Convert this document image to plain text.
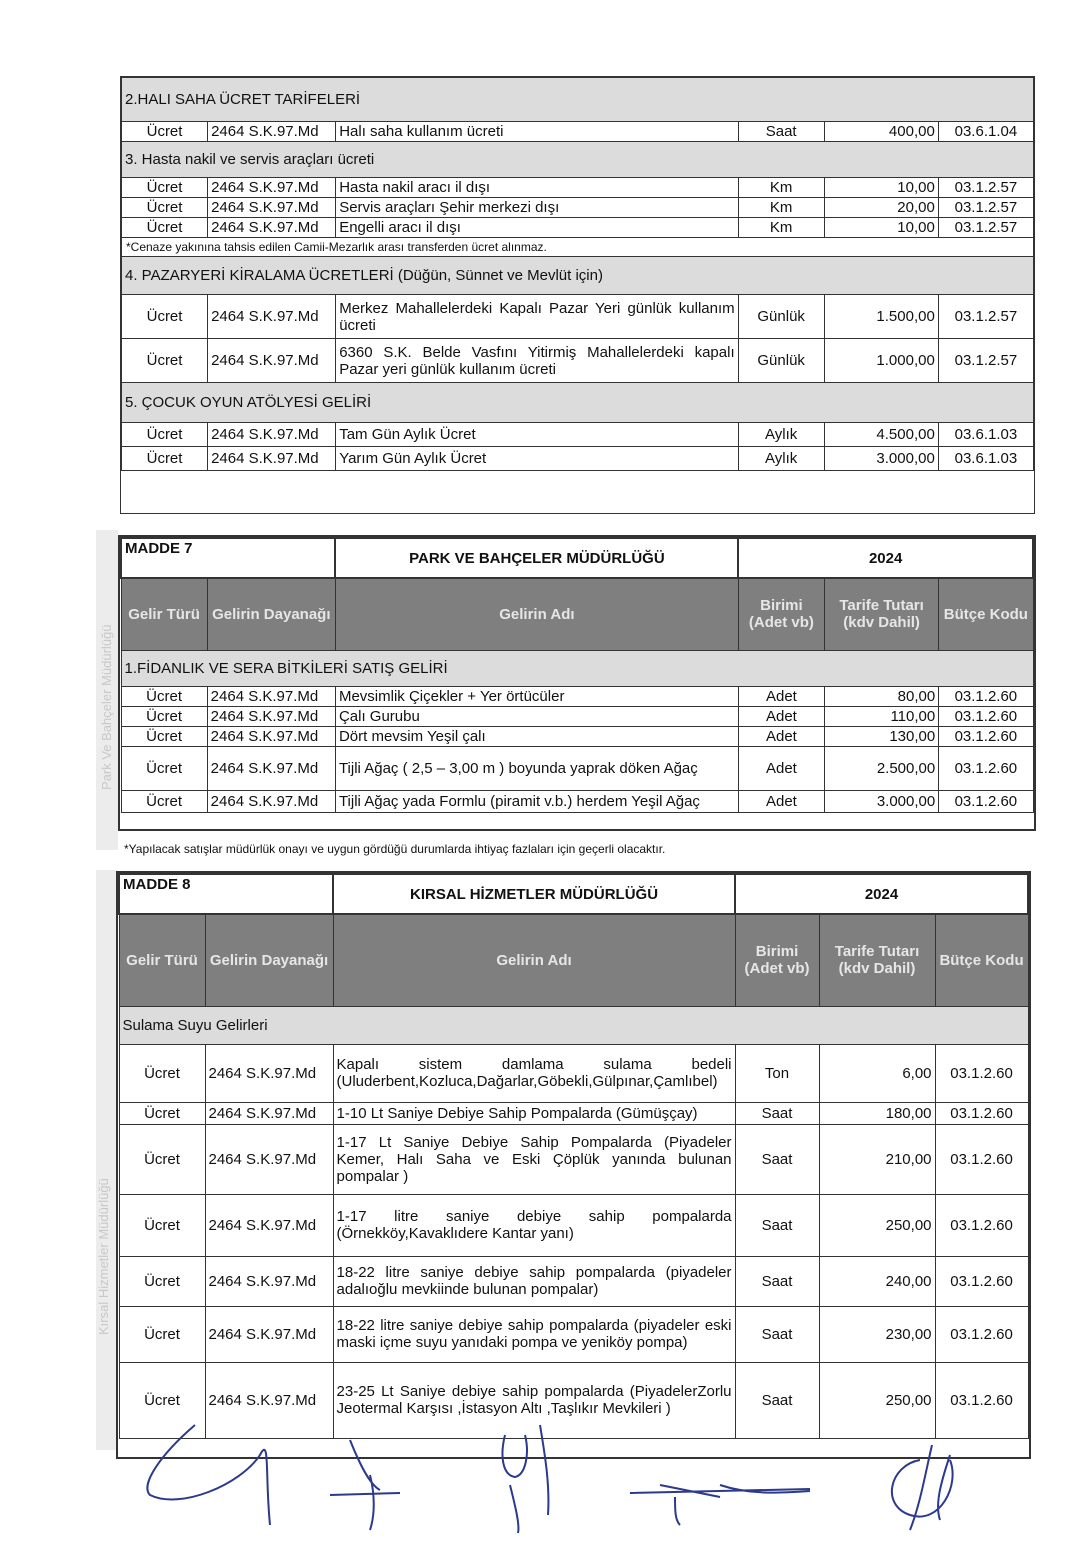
Park Ve Bahçeler Müdürlüğü
Kırsal Hizmetler Müdürlüğü
2.HALI SAHA ÜCRET TARİFELERİ					
Ücret	2464 S.K.97.Md	Halı saha kullanım ücreti	Saat	400,00	03.6.1.04
3. Hasta nakil ve servis araçları ücreti					
Ücret	2464 S.K.97.Md	Hasta nakil aracı il dışı	Km	10,00	03.1.2.57
Ücret	2464 S.K.97.Md	Servis araçları Şehir merkezi dışı	Km	20,00	03.1.2.57
Ücret	2464 S.K.97.Md	Engelli aracı il dışı	Km	10,00	03.1.2.57
*Cenaze yakınına tahsis edilen Camii-Mezarlık arası transferden ücret alınmaz.					
4. PAZARYERİ KİRALAMA ÜCRETLERİ (Düğün, Sünnet ve Mevlüt için)					
Ücret	2464 S.K.97.Md	Merkez Mahallelerdeki Kapalı Pazar Yeri günlük kullanım ücreti	Günlük	1.500,00	03.1.2.57
Ücret	2464 S.K.97.Md	6360 S.K. Belde Vasfını Yitirmiş Mahallelerdeki kapalı Pazar yeri günlük kullanım ücreti	Günlük	1.000,00	03.1.2.57
5. ÇOCUK OYUN ATÖLYESİ GELİRİ					
Ücret	2464 S.K.97.Md	Tam Gün Aylık Ücret	Aylık	4.500,00	03.6.1.03
Ücret	2464 S.K.97.Md	Yarım Gün Aylık Ücret	Aylık	3.000,00	03.6.1.03
MADDE 7		PARK VE BAHÇELER MÜDÜRLÜĞÜ	2024		
Gelir Türü	Gelirin Dayanağı	Gelirin Adı	Birimi (Adet vb)	Tarife Tutarı (kdv Dahil)	Bütçe Kodu
1.FİDANLIK VE SERA BİTKİLERİ SATIŞ GELİRİ					
Ücret	2464 S.K.97.Md	Mevsimlik Çiçekler + Yer örtücüler	Adet	80,00	03.1.2.60
Ücret	2464 S.K.97.Md	Çalı Gurubu	Adet	110,00	03.1.2.60
Ücret	2464 S.K.97.Md	Dört mevsim Yeşil çalı	Adet	130,00	03.1.2.60
Ücret	2464 S.K.97.Md	Tijli Ağaç ( 2,5 – 3,00 m ) boyunda yaprak döken Ağaç	Adet	2.500,00	03.1.2.60
Ücret	2464 S.K.97.Md	Tijli Ağaç yada Formlu (piramit v.b.) herdem Yeşil Ağaç	Adet	3.000,00	03.1.2.60
*Yapılacak satışlar müdürlük onayı ve uygun gördüğü durumlarda ihtiyaç fazlaları için geçerli olacaktır.
MADDE 8		KIRSAL HİZMETLER MÜDÜRLÜĞÜ	2024		
Gelir Türü	Gelirin Dayanağı	Gelirin Adı	Birimi (Adet vb)	Tarife Tutarı (kdv Dahil)	Bütçe Kodu
Sulama Suyu Gelirleri					
Ücret	2464 S.K.97.Md	Kapalı sistem damlama sulama bedeli (Uluderbent,Kozluca,Dağarlar,Göbekli,Gülpınar,Çamlıbel)	Ton	6,00	03.1.2.60
Ücret	2464 S.K.97.Md	1-10 Lt Saniye Debiye Sahip Pompalarda (Gümüşçay)	Saat	180,00	03.1.2.60
Ücret	2464 S.K.97.Md	1-17 Lt Saniye Debiye Sahip Pompalarda (Piyadeler Kemer, Halı Saha ve Eski Çöplük yanında bulunan pompalar )	Saat	210,00	03.1.2.60
Ücret	2464 S.K.97.Md	1-17 litre saniye debiye sahip pompalarda (Örnekköy,Kavaklıdere Kantar yanı)	Saat	250,00	03.1.2.60
Ücret	2464 S.K.97.Md	18-22 litre saniye debiye sahip pompalarda (piyadeler adalıoğlu mevkiinde bulunan pompalar)	Saat	240,00	03.1.2.60
Ücret	2464 S.K.97.Md	18-22 litre saniye debiye sahip pompalarda (piyadeler eski maski içme suyu yanıdaki pompa ve yeniköy pompa)	Saat	230,00	03.1.2.60
Ücret	2464 S.K.97.Md	23-25 Lt Saniye debiye sahip pompalarda (PiyadelerZorlu Jeotermal Karşısı ,İstasyon Altı ,Taşlıkır Mevkileri )	Saat	250,00	03.1.2.60
